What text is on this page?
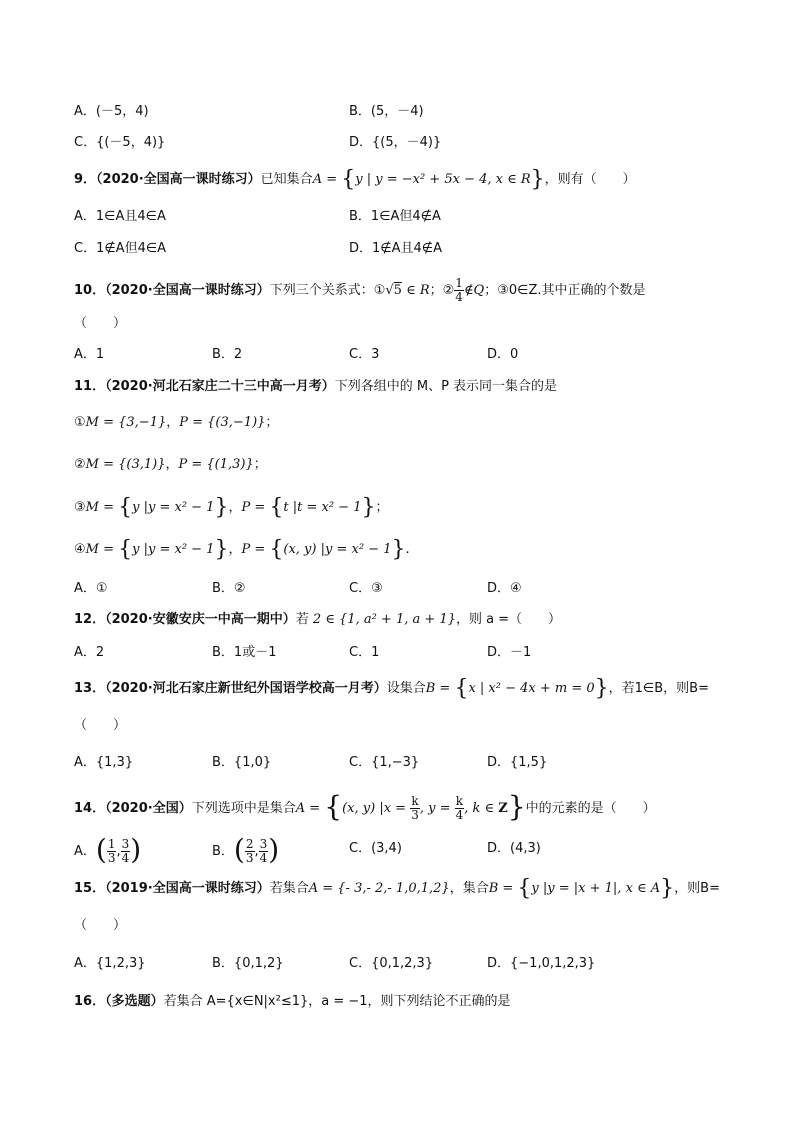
A．(－5，4)	B．(5，－4)
C．{(－5，4)}	D．{(5，－4)}
9．（2020·全国高一课时练习）已知集合A = {y | y = −x² + 5x − 4, x ∈ R}，则有（　　）
A．1∈A且4∈A	B．1∈A但4∉A
C．1∉A但4∈A	D．1∉A且4∉A
10．（2020·全国高一课时练习）下列三个关系式：①√5 ∈ R；② $\frac{1}{4}$ ∉Q；③0∈Z.其中正确的个数是
（　　）
A．1	B．2	C．3	D．0
11．（2020·河北石家庄二十三中高一月考）下列各组中的 M、P 表示同一集合的是
①M = {3,−1}，P = {(3,−1)}；
②M = {(3,1)}，P = {(1,3)}；
③M = {y |y = x² − 1}，P = {t |t = x² − 1}；
④M = {y |y = x² − 1}，P = {(x, y) |y = x² − 1}.
A．①	B．②	C．③	D．④
12．（2020·安徽安庆一中高一期中）若 2 ∈ {1, a² + 1, a + 1}，则 a =（　　）
A．2	B．1或－1	C．1	D．－1
13．（2020·河北石家庄新世纪外国语学校高一月考）设集合B = {x | x² − 4x + m = 0}，若1∈B，则B=
（　　）
A．{1,3}	B．{1,0}	C．{1,−3}	D．{1,5}
14．（2020·全国）下列选项中是集合A = {(x, y) $|x = \frac{k}{3}$ , $y = \frac{k}{4}$ , k ∈ Z}中的元素的是（　　）
A．( $\frac{1}{3}$ , $\frac{3}{4}$ )	B．( $\frac{2}{3}$ , $\frac{3}{4}$ )	C．(3,4)	D．(4,3)
15．（2019·全国高一课时练习）若集合A = {- 3,- 2,- 1,0,1,2}，集合B = {y |y = |x + 1|, x ∈ A}，则B=
（　　）
A．{1,2,3}	B．{0,1,2}	C．{0,1,2,3}	D．{−1,0,1,2,3}
16．（多选题）若集合 A={x∈N|x²≤1}，a = −1，则下列结论不正确的是
